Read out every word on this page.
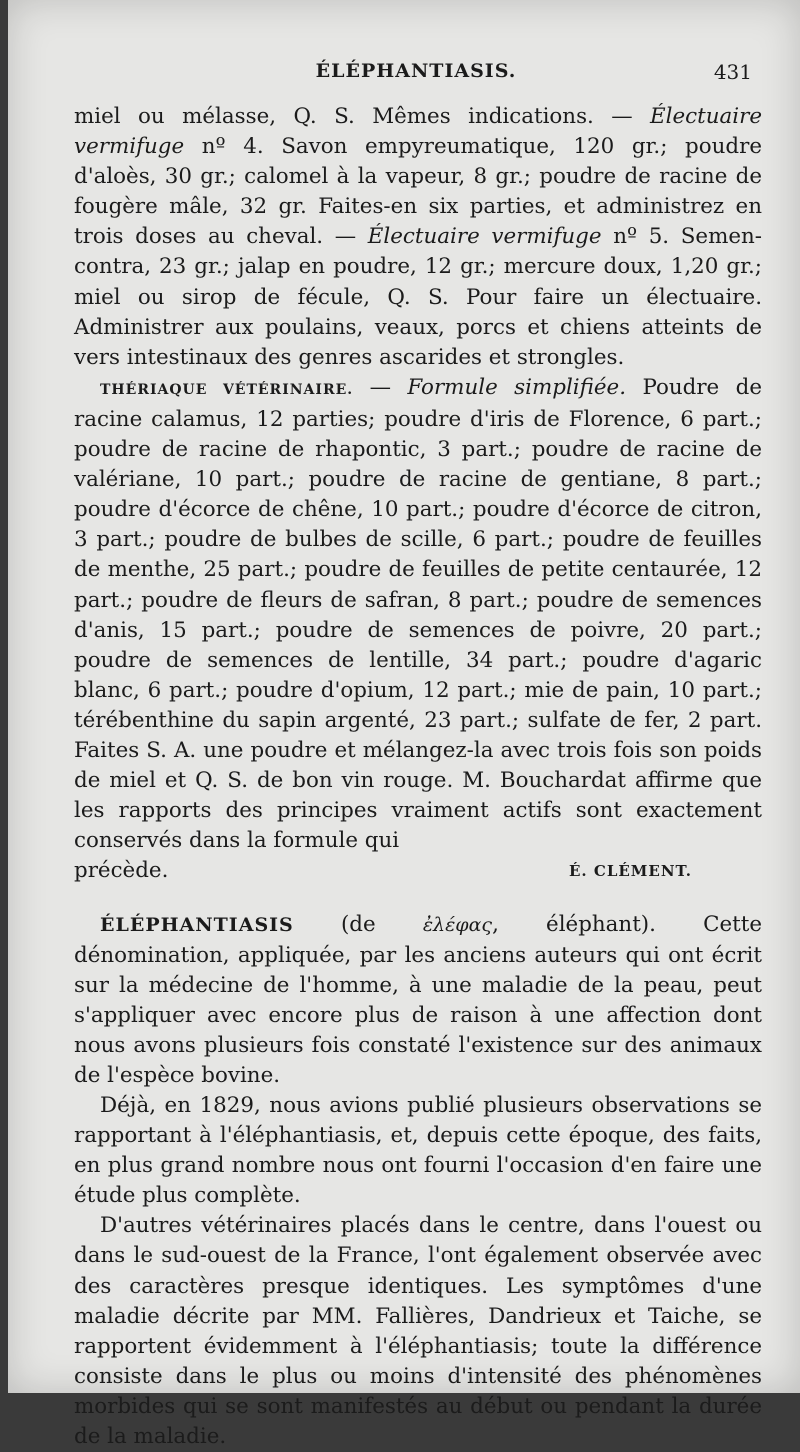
ÉLÉPHANTIASIS.	431

miel ou mélasse, Q. S. Mêmes indications. — Électuaire vermifuge nº 4. Savon empyreumatique, 120 gr.; poudre d'aloès, 30 gr.; calomel à la vapeur, 8 gr.; poudre de racine de fougère mâle, 32 gr. Faites-en six parties, et administrez en trois doses au cheval. — Électuaire vermifuge nº 5. Semen-contra, 23 gr.; jalap en poudre, 12 gr.; mercure doux, 1,20 gr.; miel ou sirop de fécule, Q. S. Pour faire un électuaire. Administrer aux poulains, veaux, porcs et chiens atteints de vers intestinaux des genres ascarides et strongles.

THÉRIAQUE VÉTÉRINAIRE. — Formule simplifiée. Poudre de racine calamus, 12 parties; poudre d'iris de Florence, 6 part.; poudre de racine de rhapontic, 3 part.; poudre de racine de valériane, 10 part.; poudre de racine de gentiane, 8 part.; poudre d'écorce de chêne, 10 part.; poudre d'écorce de citron, 3 part.; poudre de bulbes de scille, 6 part.; poudre de feuilles de menthe, 25 part.; poudre de feuilles de petite centaurée, 12 part.; poudre de fleurs de safran, 8 part.; poudre de semences d'anis, 15 part.; poudre de semences de poivre, 20 part.; poudre de semences de lentille, 34 part.; poudre d'agaric blanc, 6 part.; poudre d'opium, 12 part.; mie de pain, 10 part.; térébenthine du sapin argenté, 23 part.; sulfate de fer, 2 part. Faites S. A. une poudre et mélangez-la avec trois fois son poids de miel et Q. S. de bon vin rouge. M. Bouchardat affirme que les rapports des principes vraiment actifs sont exactement conservés dans la formule qui

précède.	É. CLÉMENT.

ÉLÉPHANTIASIS (de ἐλέφας, éléphant). Cette dénomination, appliquée, par les anciens auteurs qui ont écrit sur la médecine de l'homme, à une maladie de la peau, peut s'appliquer avec encore plus de raison à une affection dont nous avons plusieurs fois constaté l'existence sur des animaux de l'espèce bovine.

Déjà, en 1829, nous avions publié plusieurs observations se rapportant à l'éléphantiasis, et, depuis cette époque, des faits, en plus grand nombre nous ont fourni l'occasion d'en faire une étude plus complète.

D'autres vétérinaires placés dans le centre, dans l'ouest ou dans le sud-ouest de la France, l'ont également observée avec des caractères presque identiques. Les symptômes d'une maladie décrite par MM. Fallières, Dandrieux et Taiche, se rapportent évidemment à l'éléphantiasis; toute la différence consiste dans le plus ou moins d'intensité des phénomènes morbides qui se sont manifestés au début ou pendant la durée de la maladie.
